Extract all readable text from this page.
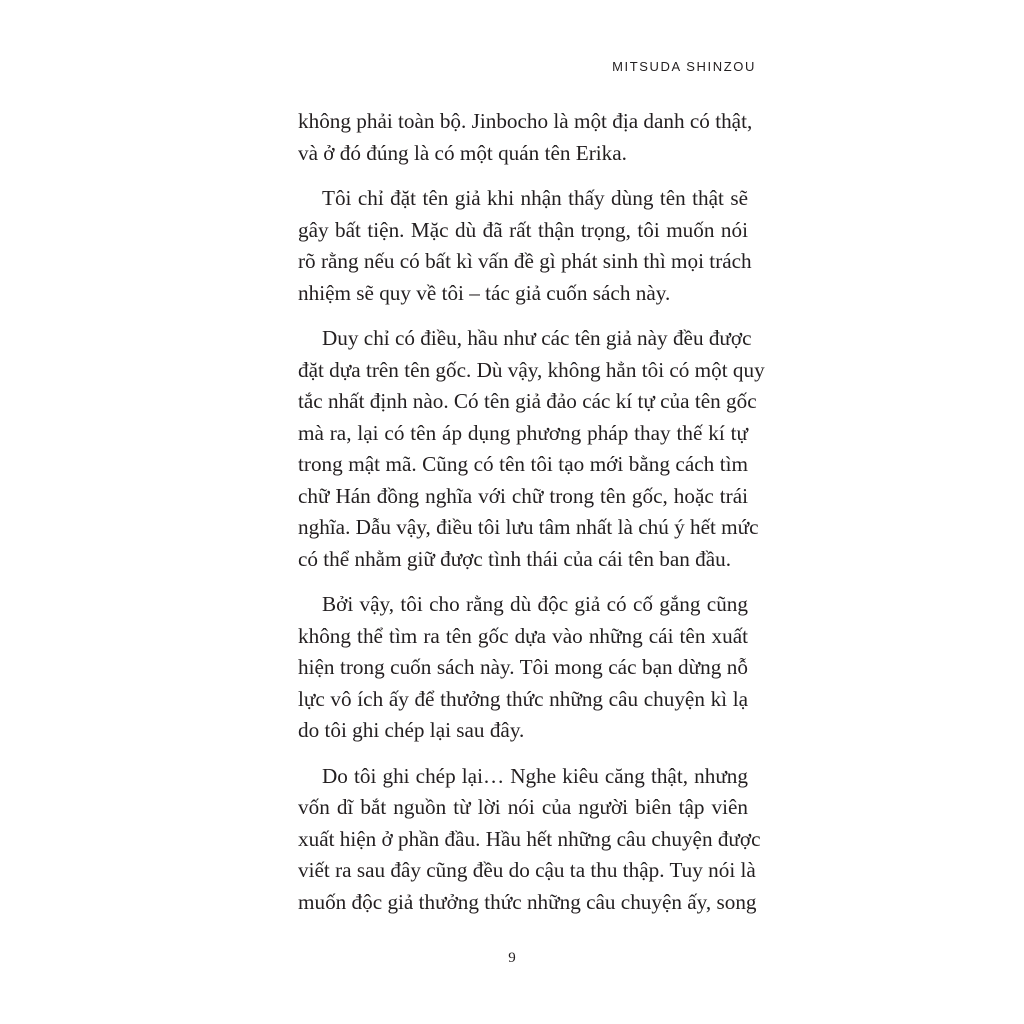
MITSUDA SHINZOU
không phải toàn bộ. Jinbocho là một địa danh có thật,
và ở đó đúng là có một quán tên Erika.
Tôi chỉ đặt tên giả khi nhận thấy dùng tên thật sẽ
gây bất tiện. Mặc dù đã rất thận trọng, tôi muốn nói
rõ rằng nếu có bất kì vấn đề gì phát sinh thì mọi trách
nhiệm sẽ quy về tôi – tác giả cuốn sách này.
Duy chỉ có điều, hầu như các tên giả này đều được
đặt dựa trên tên gốc. Dù vậy, không hẳn tôi có một quy
tắc nhất định nào. Có tên giả đảo các kí tự của tên gốc
mà ra, lại có tên áp dụng phương pháp thay thế kí tự
trong mật mã. Cũng có tên tôi tạo mới bằng cách tìm
chữ Hán đồng nghĩa với chữ trong tên gốc, hoặc trái
nghĩa. Dẫu vậy, điều tôi lưu tâm nhất là chú ý hết mức
có thể nhằm giữ được tình thái của cái tên ban đầu.
Bởi vậy, tôi cho rằng dù độc giả có cố gắng cũng
không thể tìm ra tên gốc dựa vào những cái tên xuất
hiện trong cuốn sách này. Tôi mong các bạn dừng nỗ
lực vô ích ấy để thưởng thức những câu chuyện kì lạ
do tôi ghi chép lại sau đây.
Do tôi ghi chép lại… Nghe kiêu căng thật, nhưng
vốn dĩ bắt nguồn từ lời nói của người biên tập viên
xuất hiện ở phần đầu. Hầu hết những câu chuyện được
viết ra sau đây cũng đều do cậu ta thu thập. Tuy nói là
muốn độc giả thưởng thức những câu chuyện ấy, song
9
